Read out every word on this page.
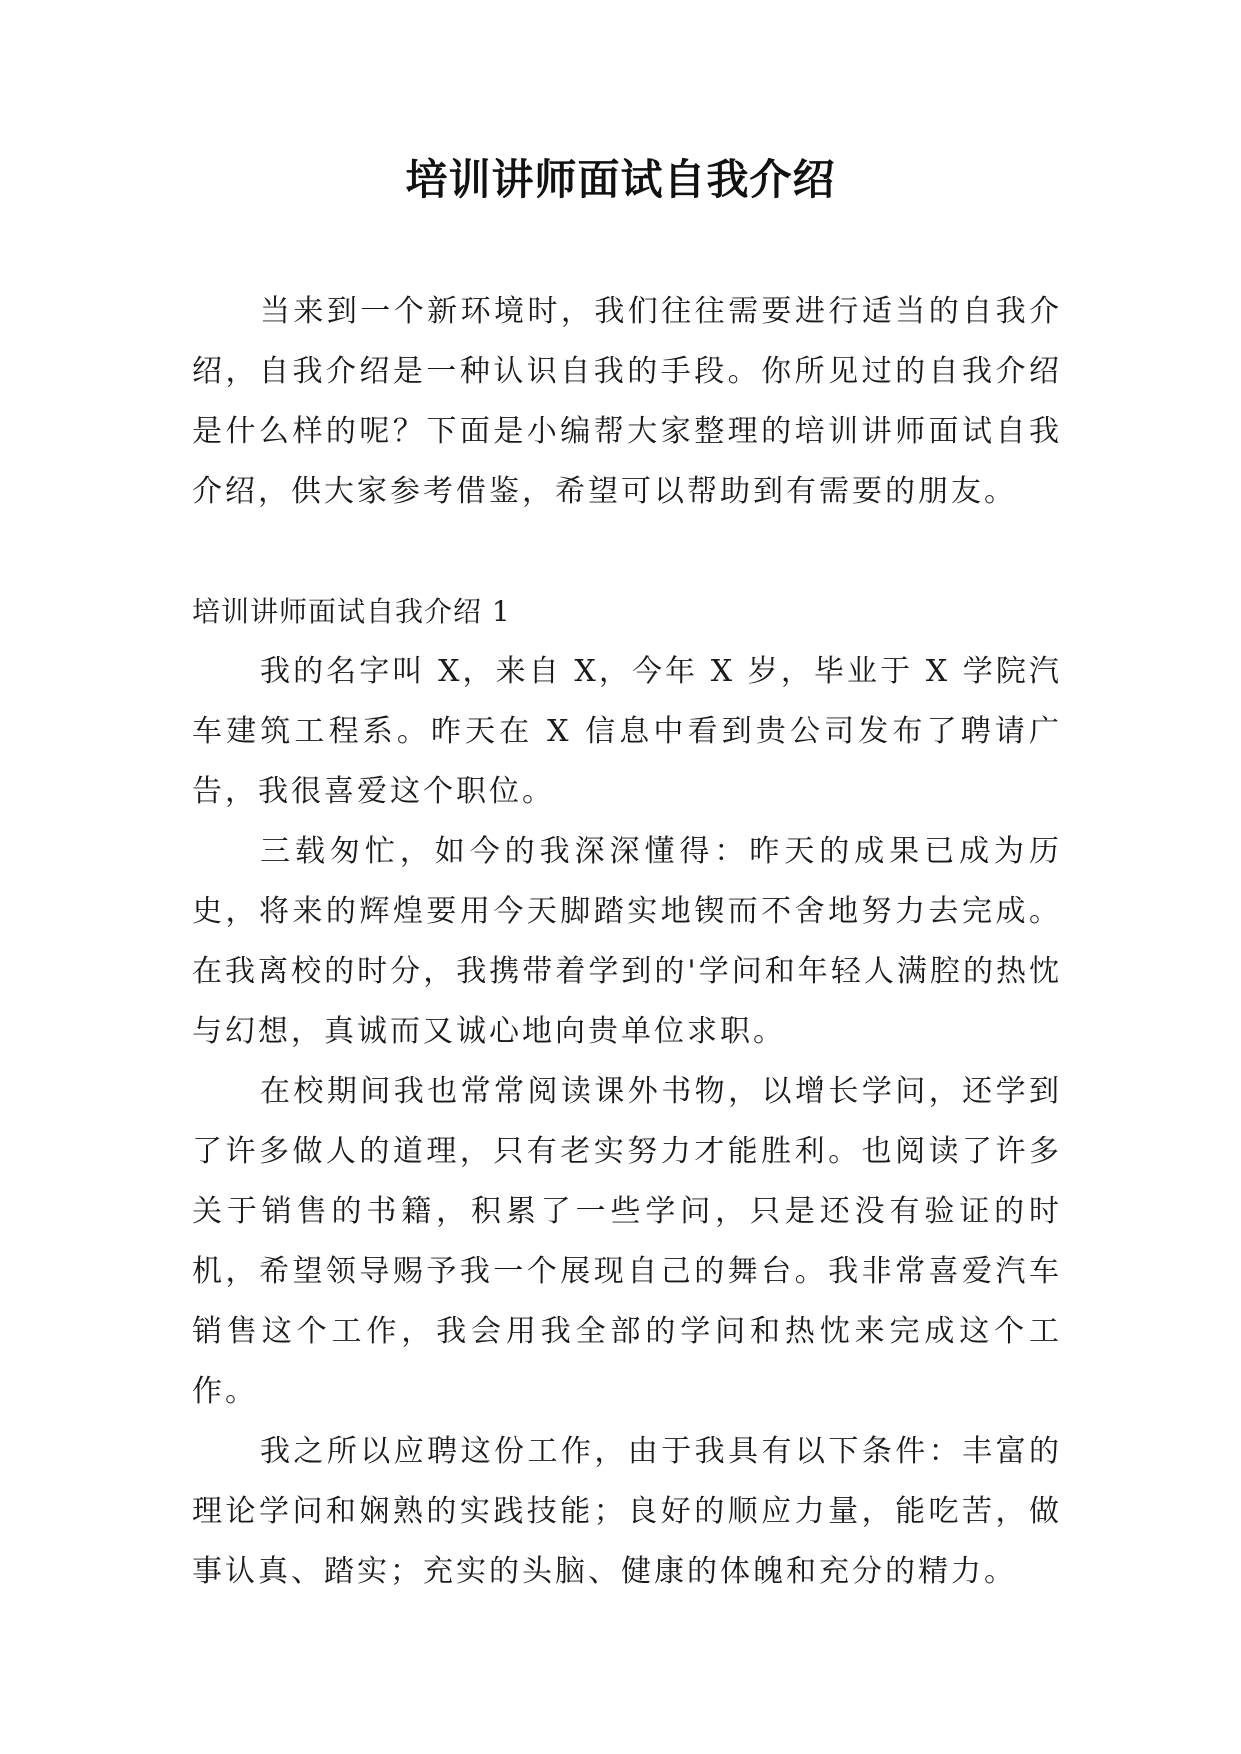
培训讲师面试自我介绍

当来到一个新环境时，我们往往需要进行适当的自我介绍，自我介绍是一种认识自我的手段。你所见过的自我介绍是什么样的呢？下面是小编帮大家整理的培训讲师面试自我介绍，供大家参考借鉴，希望可以帮助到有需要的朋友。

培训讲师面试自我介绍 1

我的名字叫 X，来自 X，今年 X 岁，毕业于 X 学院汽车建筑工程系。昨天在 X 信息中看到贵公司发布了聘请广告，我很喜爱这个职位。

三载匆忙，如今的我深深懂得：昨天的成果已成为历史，将来的辉煌要用今天脚踏实地锲而不舍地努力去完成。在我离校的时分，我携带着学到的'学问和年轻人满腔的热忱与幻想，真诚而又诚心地向贵单位求职。

在校期间我也常常阅读课外书物，以增长学问，还学到了许多做人的道理，只有老实努力才能胜利。也阅读了许多关于销售的书籍，积累了一些学问，只是还没有验证的时机，希望领导赐予我一个展现自己的舞台。我非常喜爱汽车销售这个工作，我会用我全部的学问和热忱来完成这个工作。

我之所以应聘这份工作，由于我具有以下条件：丰富的理论学问和娴熟的实践技能；良好的顺应力量，能吃苦，做事认真、踏实；充实的头脑、健康的体魄和充分的精力。
